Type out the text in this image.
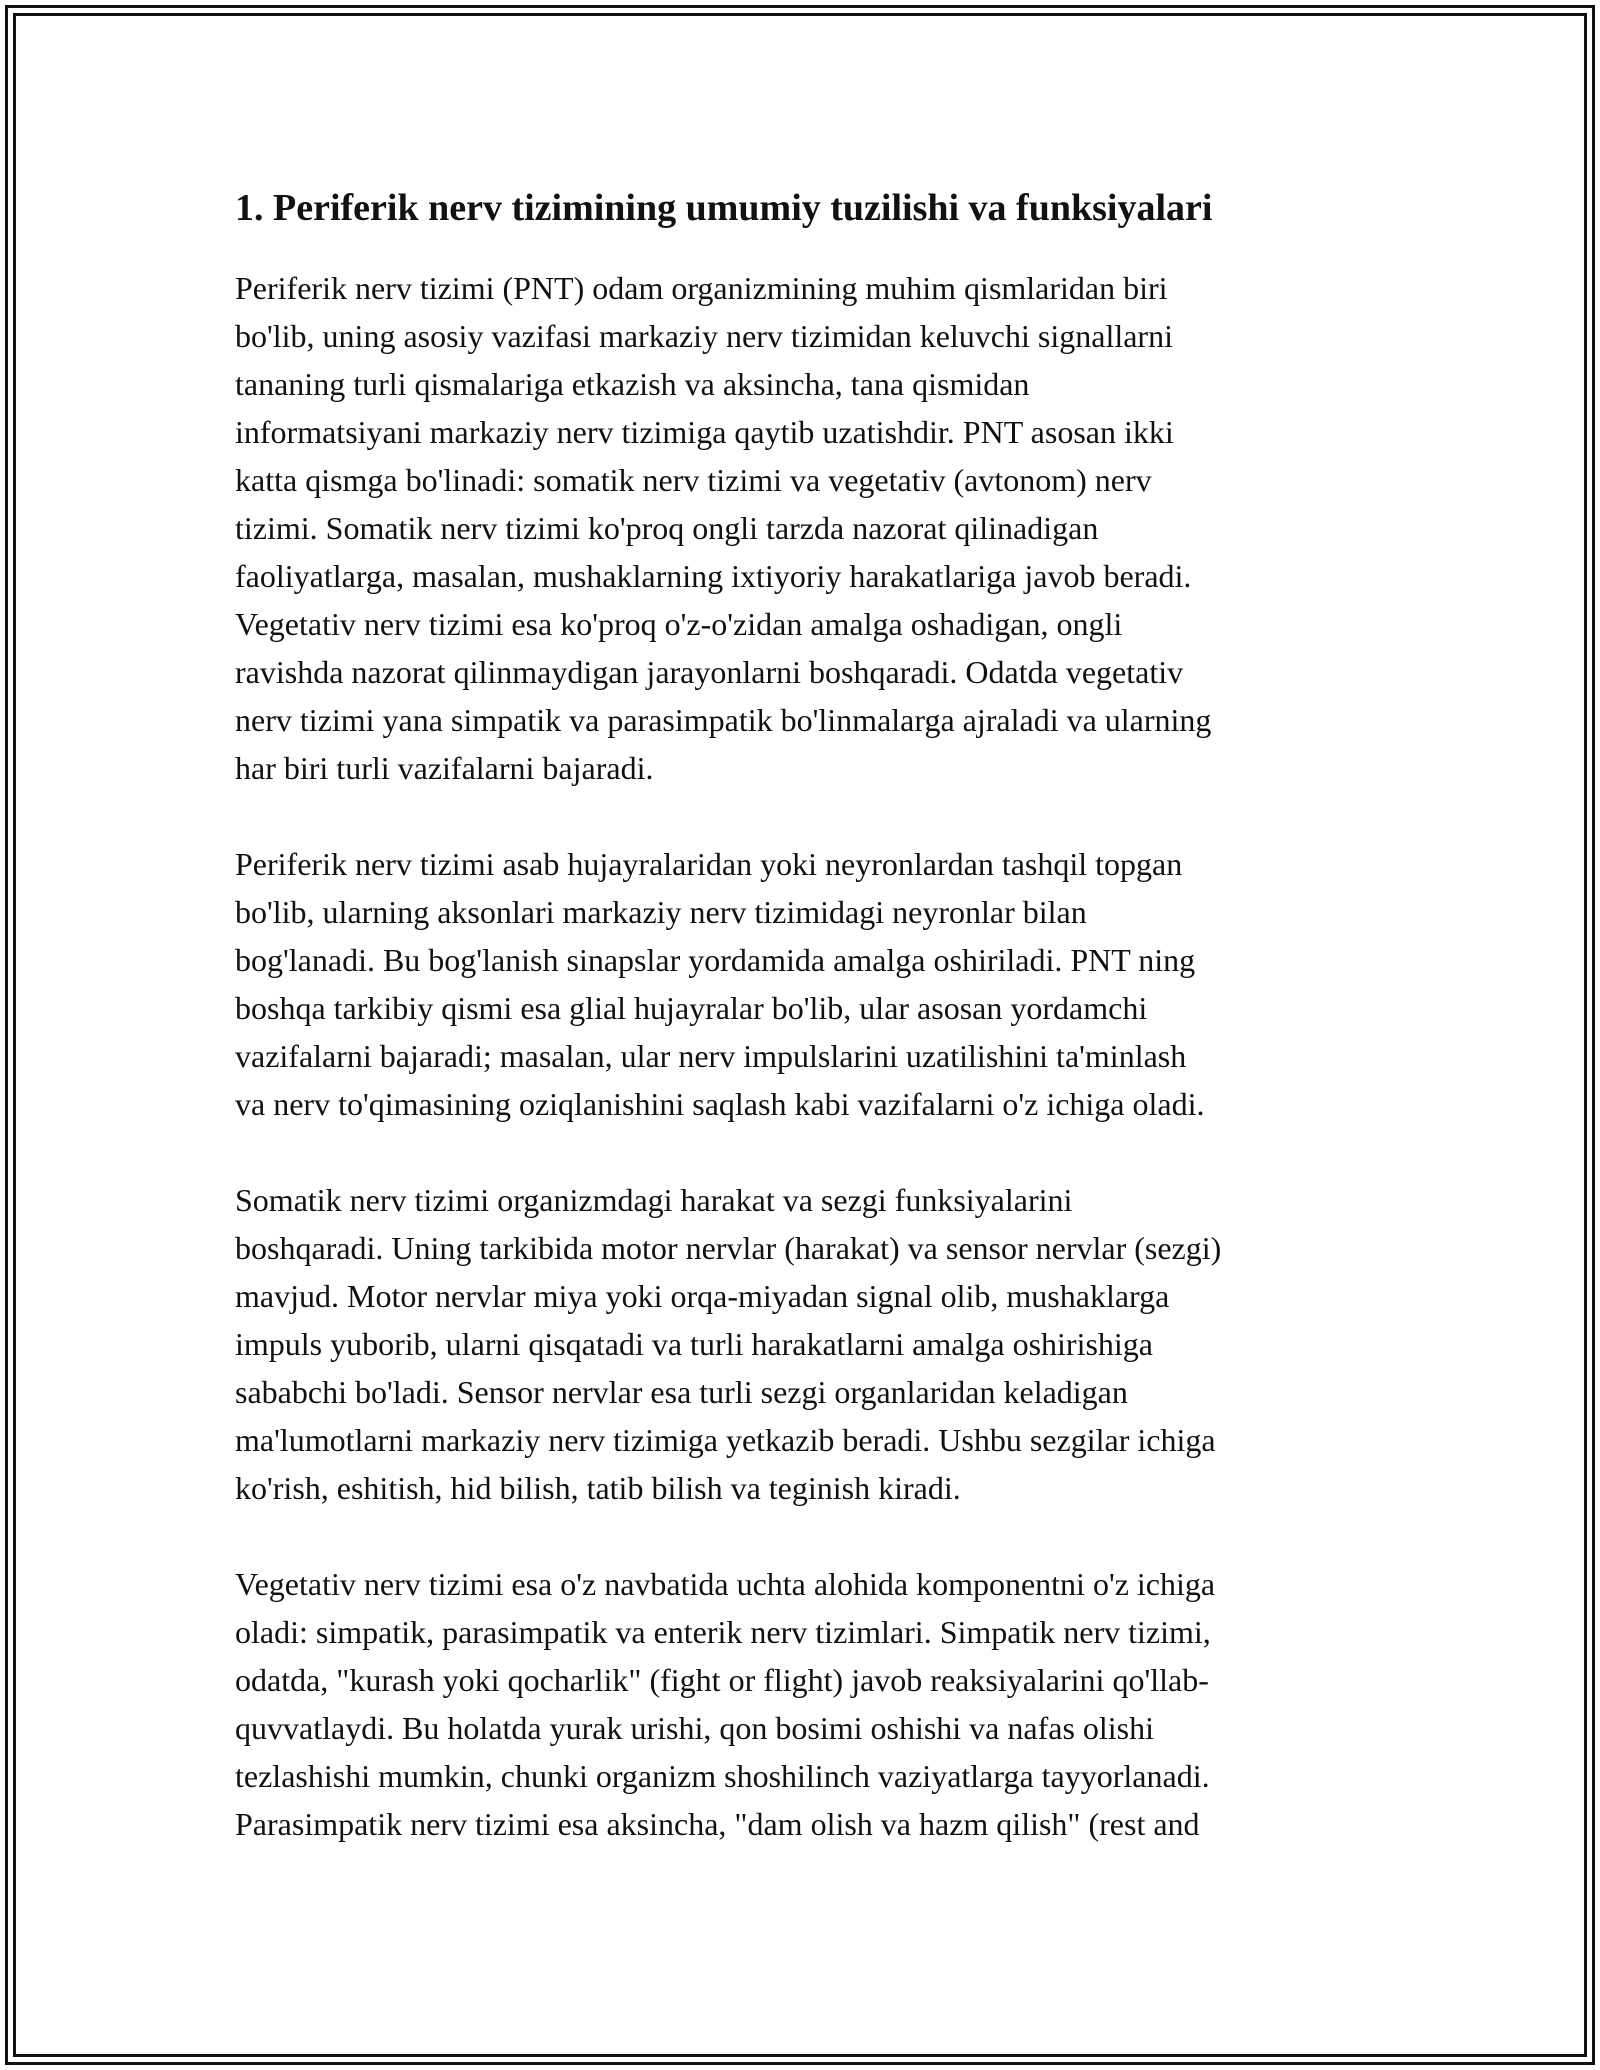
1. Periferik nerv tizimining umumiy tuzilishi va funksiyalari
Periferik nerv tizimi (PNT) odam organizmining muhim qismlaridan biri
bo'lib, uning asosiy vazifasi markaziy nerv tizimidan keluvchi signallarni
tananing turli qismalariga etkazish va aksincha, tana qismidan
informatsiyani markaziy nerv tizimiga qaytib uzatishdir. PNT asosan ikki
katta qismga bo'linadi: somatik nerv tizimi va vegetativ (avtonom) nerv
tizimi. Somatik nerv tizimi ko'proq ongli tarzda nazorat qilinadigan
faoliyatlarga, masalan, mushaklarning ixtiyoriy harakatlariga javob beradi.
Vegetativ nerv tizimi esa ko'proq o'z-o'zidan amalga oshadigan, ongli
ravishda nazorat qilinmaydigan jarayonlarni boshqaradi. Odatda vegetativ
nerv tizimi yana simpatik va parasimpatik bo'linmalarga ajraladi va ularning
har biri turli vazifalarni bajaradi.
Periferik nerv tizimi asab hujayralaridan yoki neyronlardan tashqil topgan
bo'lib, ularning aksonlari markaziy nerv tizimidagi neyronlar bilan
bog'lanadi. Bu bog'lanish sinapslar yordamida amalga oshiriladi. PNT ning
boshqa tarkibiy qismi esa glial hujayralar bo'lib, ular asosan yordamchi
vazifalarni bajaradi; masalan, ular nerv impulslarini uzatilishini ta'minlash
va nerv to'qimasining oziqlanishini saqlash kabi vazifalarni o'z ichiga oladi.
Somatik nerv tizimi organizmdagi harakat va sezgi funksiyalarini
boshqaradi. Uning tarkibida motor nervlar (harakat) va sensor nervlar (sezgi)
mavjud. Motor nervlar miya yoki orqa-miyadan signal olib, mushaklarga
impuls yuborib, ularni qisqatadi va turli harakatlarni amalga oshirishiga
sababchi bo'ladi. Sensor nervlar esa turli sezgi organlaridan keladigan
ma'lumotlarni markaziy nerv tizimiga yetkazib beradi. Ushbu sezgilar ichiga
ko'rish, eshitish, hid bilish, tatib bilish va teginish kiradi.
Vegetativ nerv tizimi esa o'z navbatida uchta alohida komponentni o'z ichiga
oladi: simpatik, parasimpatik va enterik nerv tizimlari. Simpatik nerv tizimi,
odatda, "kurash yoki qocharlik" (fight or flight) javob reaksiyalarini qo'llab-
quvvatlaydi. Bu holatda yurak urishi, qon bosimi oshishi va nafas olishi
tezlashishi mumkin, chunki organizm shoshilinch vaziyatlarga tayyorlanadi.
Parasimpatik nerv tizimi esa aksincha, "dam olish va hazm qilish" (rest and
